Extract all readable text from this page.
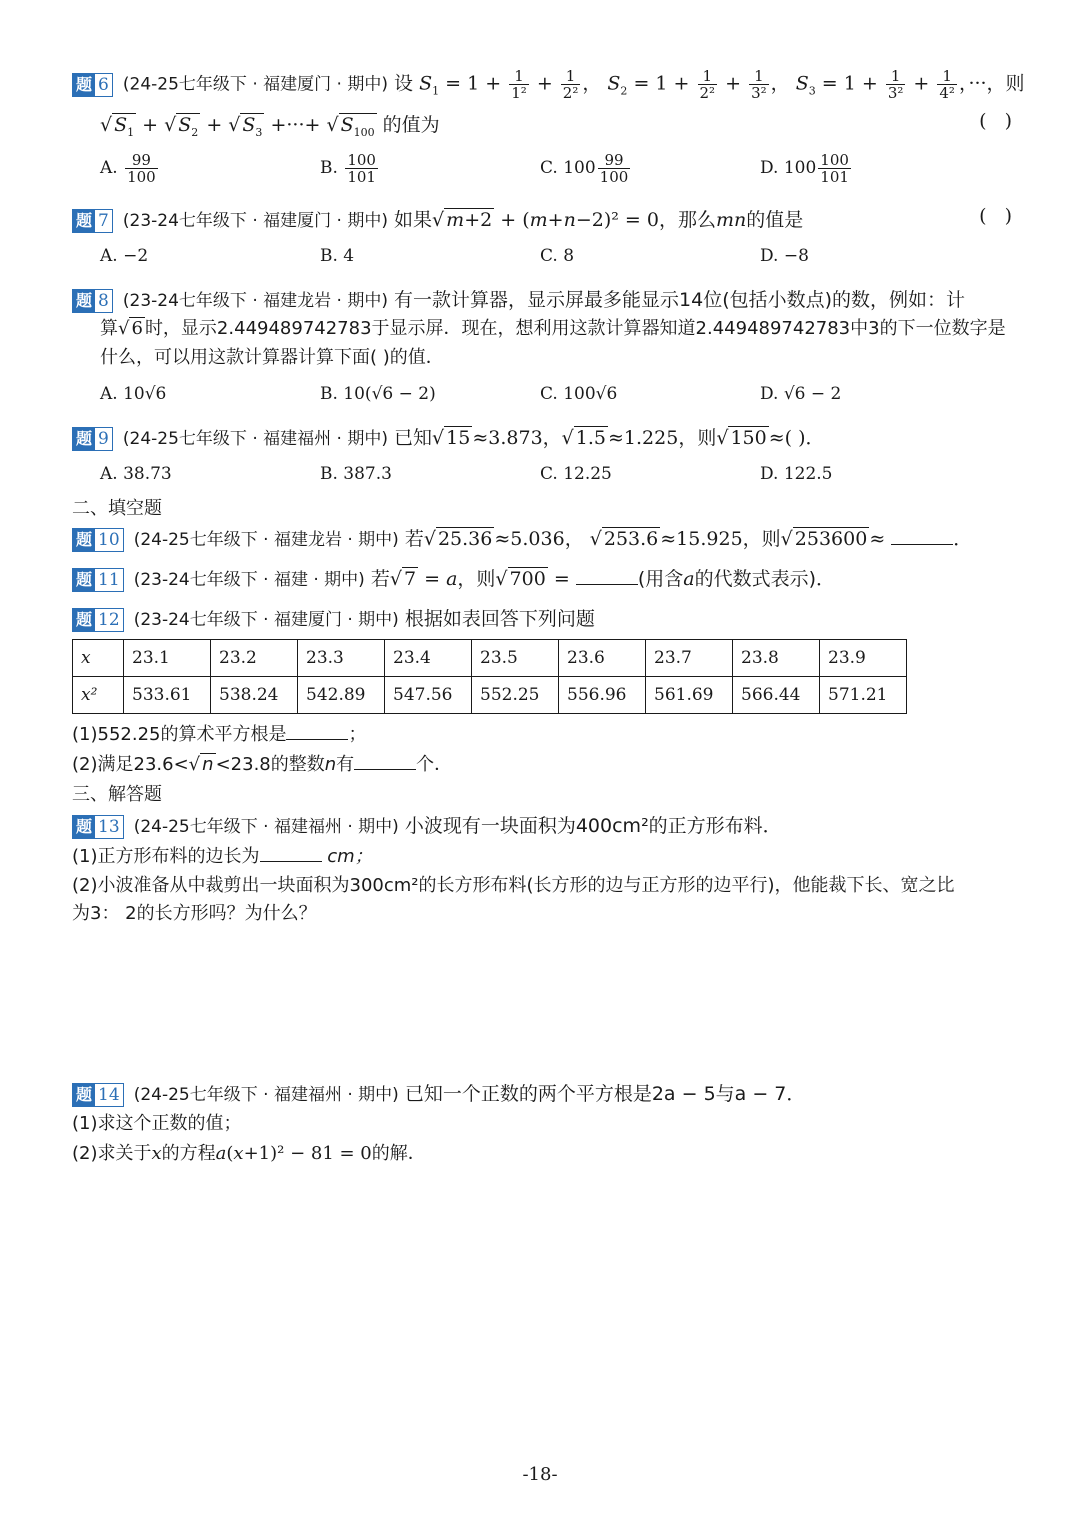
题 6 (24-25七年级下 · 福建厦门 · 期中) 设 $S_1 = 1 + \frac{1}{\text{1²}} + \frac{1}{\text{2²}}$ ， $S_2 = 1 + \frac{1}{\text{2²}} + \frac{1}{\text{3²}}$ ， $S_3 = 1 + \frac{1}{\text{3²}} + \frac{1}{\text{4²}}$ ，···，则
√ $S_1$ + √ $S_2$ + √ $S_3$ +···+ √ $S_{100}$ 的值为	( )
A. $\frac{99}{100}$	B. $\frac{100}{101}$	C. $100 \frac{99}{100}$	D. $100 \frac{100}{101}$
题 7 (23-24七年级下 · 福建厦门 · 期中) 如果√ m+2 + (m+n−2)² = 0，那么mn的值是	( )
A. −2	B. 4	C. 8	D. −8
题 8 (23-24七年级下 · 福建龙岩 · 期中) 有一款计算器，显示屏最多能显示14位(包括小数点)的数，例如：计
算√ 6 时，显示2.449489742783于显示屏．现在，想利用这款计算器知道2.449489742783中3的下一位数字是
什么，可以用这款计算器计算下面( )的值．
A. 10√6	B. 10(√6 − 2)	C. 100√6	D. √6 − 2
题 9 (24-25七年级下 · 福建福州 · 期中) 已知√ 15 ≈3.873，√ 1.5 ≈1.225，则√ 150 ≈( )．
A. 38.73	B. 387.3	C. 12.25	D. 122.5
二、填空题
题 10 (24-25七年级下 · 福建龙岩 · 期中) 若√ 25.36 ≈5.036， √ 253.6 ≈15.925，则√ 253600 ≈	．
题 11 (23-24七年级下 · 福建 · 期中) 若√ 7 = a，则√ 700 =	(用含a的代数式表示)．
题 12 (23-24七年级下 · 福建厦门 · 期中) 根据如表回答下列问题
x	23.1	23.2	23.3	23.4	23.5	23.6	23.7	23.8	23.9
x²	533.61	538.24	542.89	547.56	552.25	556.96	561.69	566.44	571.21
(1)552.25的算术平方根是	；
(2)满足23.6<√ n <23.8的整数n有	个．
三、解答题
题 13 (24-25七年级下 · 福建福州 · 期中) 小波现有一块面积为400cm²的正方形布料．
(1)正方形布料的边长为	cm；
(2)小波准备从中裁剪出一块面积为300cm²的长方形布料(长方形的边与正方形的边平行)，他能裁下长、宽之比
为3： 2的长方形吗？为什么？
题 14 (24-25七年级下 · 福建福州 · 期中) 已知一个正数的两个平方根是2a − 5与a − 7．
(1)求这个正数的值；
(2)求关于x的方程a(x+1)² − 81 = 0的解．
-18-
